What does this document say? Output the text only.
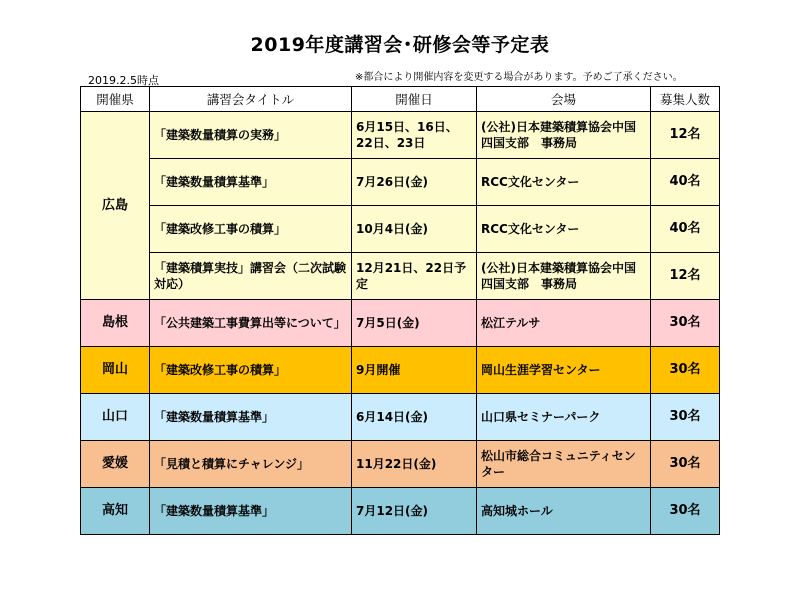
2019年度講習会･研修会等予定表
2019.2.5時点	※都合により開催内容を変更する場合があります。予めご了承ください。
開催県	講習会タイトル	開催日	会場	募集人数
広島	「建築数量積算の実務」	6月15日、16日、22日、23日	(公社)日本建築積算協会中国四国支部　事務局	12名
	「建築数量積算基準」	7月26日(金)	RCC文化センター	40名
	「建築改修工事の積算」	10月4日(金)	RCC文化センター	40名
	「建築積算実技」講習会（二次試験対応）	12月21日、22日予定	(公社)日本建築積算協会中国四国支部　事務局	12名
島根	「公共建築工事費算出等について」	7月5日(金)	松江テルサ	30名
岡山	「建築改修工事の積算」	9月開催	岡山生涯学習センター	30名
山口	「建築数量積算基準」	6月14日(金)	山口県セミナーパーク	30名
愛媛	「見積と積算にチャレンジ」	11月22日(金)	松山市総合コミュニティセンター	30名
高知	「建築数量積算基準」	7月12日(金)	高知城ホール	30名
